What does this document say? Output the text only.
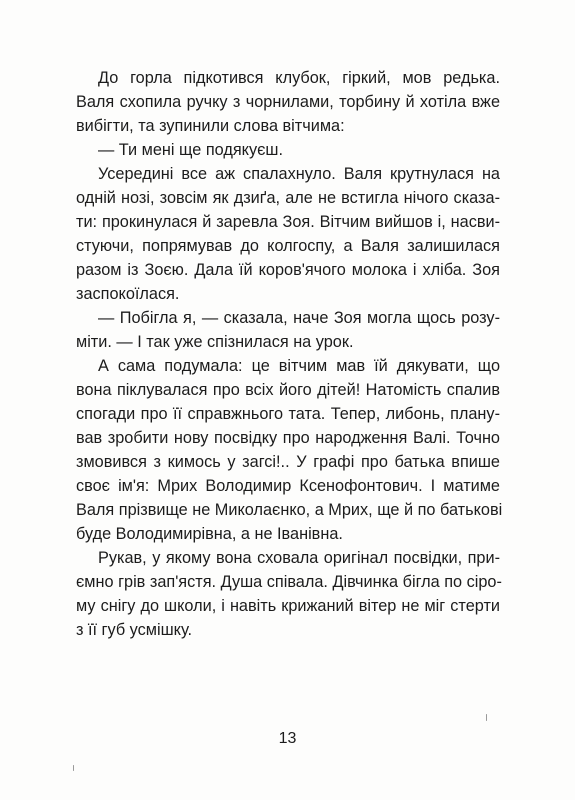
До горла підкотився клубок, гіркий, мов редька.
Валя схопила ручку з чорнилами, торбину й хотіла вже
вибігти, та зупинили слова вітчима:
— Ти мені ще подякуєш.
Усередині все аж спалахнуло. Валя крутнулася на
одній нозі, зовсім як дзиґа, але не встигла нічого сказа-
ти: прокинулася й заревла Зоя. Вітчим вийшов і, насви-
стуючи, попрямував до колгоспу, а Валя залишилася
разом із Зоєю. Дала їй коров'ячого молока і хліба. Зоя
заспокоїлася.
— Побігла я, — сказала, наче Зоя могла щось розу-
міти. — І так уже спізнилася на урок.
А сама подумала: це вітчим мав їй дякувати, що
вона піклувалася про всіх його дітей! Натомість спалив
спогади про її справжнього тата. Тепер, либонь, плану-
вав зробити нову посвідку про народження Валі. Точно
змовився з кимось у загсі!.. У графі про батька впише
своє ім'я: Мрих Володимир Ксенофонтович. І матиме
Валя прізвище не Миколаєнко, а Мрих, ще й по батькові
буде Володимирівна, а не Іванівна.
Рукав, у якому вона сховала оригінал посвідки, при-
ємно грів зап'ястя. Душа співала. Дівчинка бігла по сіро-
му снігу до школи, і навіть крижаний вітер не міг стерти
з її губ усмішку.
13
